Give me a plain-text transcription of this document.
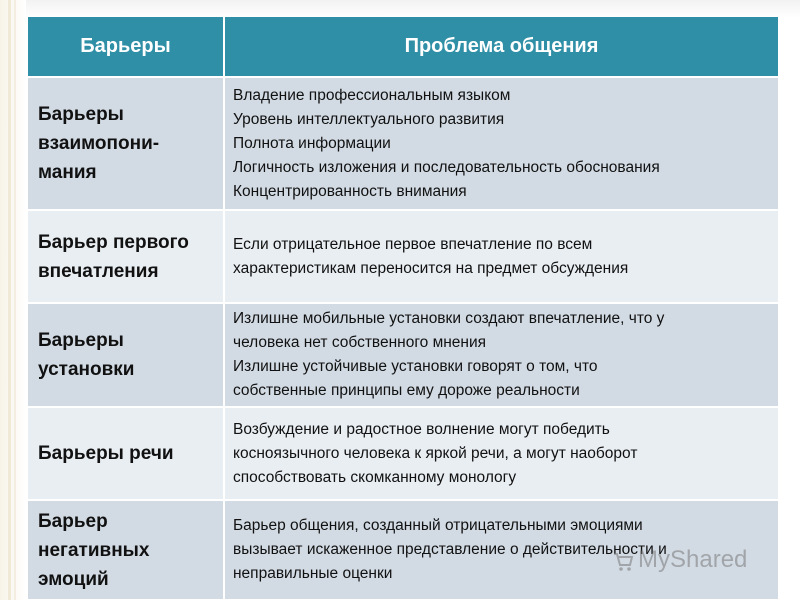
Барьеры	Проблема общения

Барьеры
взаимопони-
мания	Владение профессиональным языком
Уровень интеллектуального развития
Полнота информации
Логичность изложения и последовательность обоснования
Концентрированность внимания

Барьер первого
впечатления	Если отрицательное первое впечатление по всем
характеристикам переносится на предмет обсуждения

Барьеры
установки	Излишне мобильные установки создают впечатление, что у
человека нет собственного мнения
Излишне устойчивые установки говорят о том, что
собственные принципы ему дороже реальности

Барьеры речи	Возбуждение и радостное волнение могут победить
косноязычного человека к яркой речи, а могут наоборот
способствовать скомканному монологу

Барьер
негативных
эмоций	Барьер общения, созданный отрицательными эмоциями
вызывает искаженное представление о действительности и
неправильные оценки
MyShared
